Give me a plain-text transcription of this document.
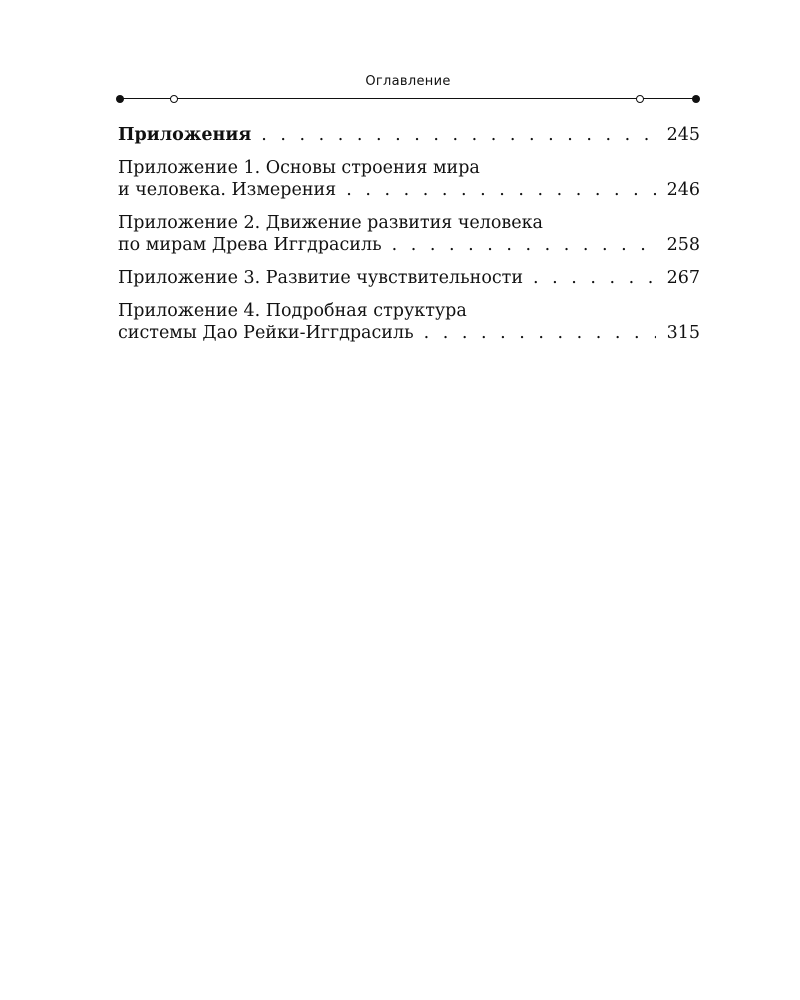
Оглавление
Приложения . . .	245
Приложение 1. Основы строения мира
и человека. Измерения . . .	246
Приложение 2. Движение развития человека
по мирам Древа Иггдрасиль . . .	258
Приложение 3. Развитие чувствительности . . .	267
Приложение 4. Подробная структура
системы Дао Рейки-Иггдрасиль . . .	315
